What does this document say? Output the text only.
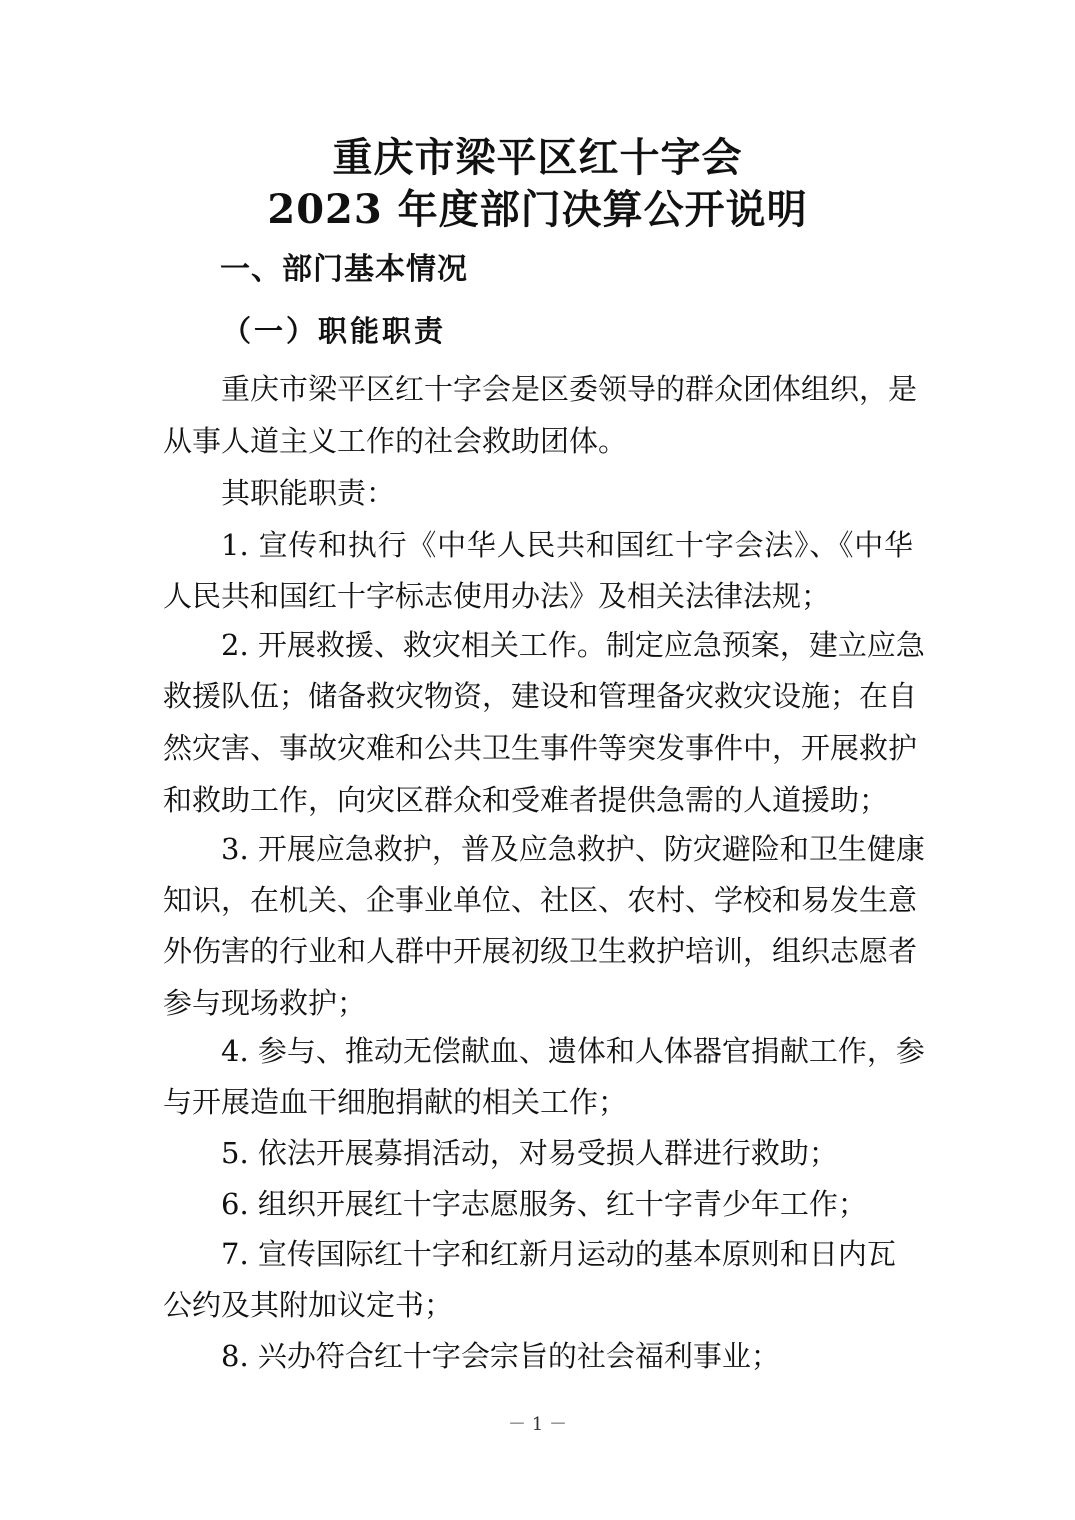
重庆市梁平区红十字会
2023 年度部门决算公开说明
一、部门基本情况
（一）职能职责
重庆市梁平区红十字会是区委领导的群众团体组织，是
从事人道主义工作的社会救助团体。
其职能职责：
1. 宣传和执行《中华人民共和国红十字会法》、《中华
人民共和国红十字标志使用办法》及相关法律法规；
2. 开展救援、救灾相关工作。制定应急预案，建立应急
救援队伍；储备救灾物资，建设和管理备灾救灾设施；在自
然灾害、事故灾难和公共卫生事件等突发事件中，开展救护
和救助工作，向灾区群众和受难者提供急需的人道援助；
3. 开展应急救护，普及应急救护、防灾避险和卫生健康
知识，在机关、企事业单位、社区、农村、学校和易发生意
外伤害的行业和人群中开展初级卫生救护培训，组织志愿者
参与现场救护；
4. 参与、推动无偿献血、遗体和人体器官捐献工作，参
与开展造血干细胞捐献的相关工作；
5. 依法开展募捐活动，对易受损人群进行救助；
6. 组织开展红十字志愿服务、红十字青少年工作；
7. 宣传国际红十字和红新月运动的基本原则和日内瓦
公约及其附加议定书；
8. 兴办符合红十字会宗旨的社会福利事业；
－ 1 －
